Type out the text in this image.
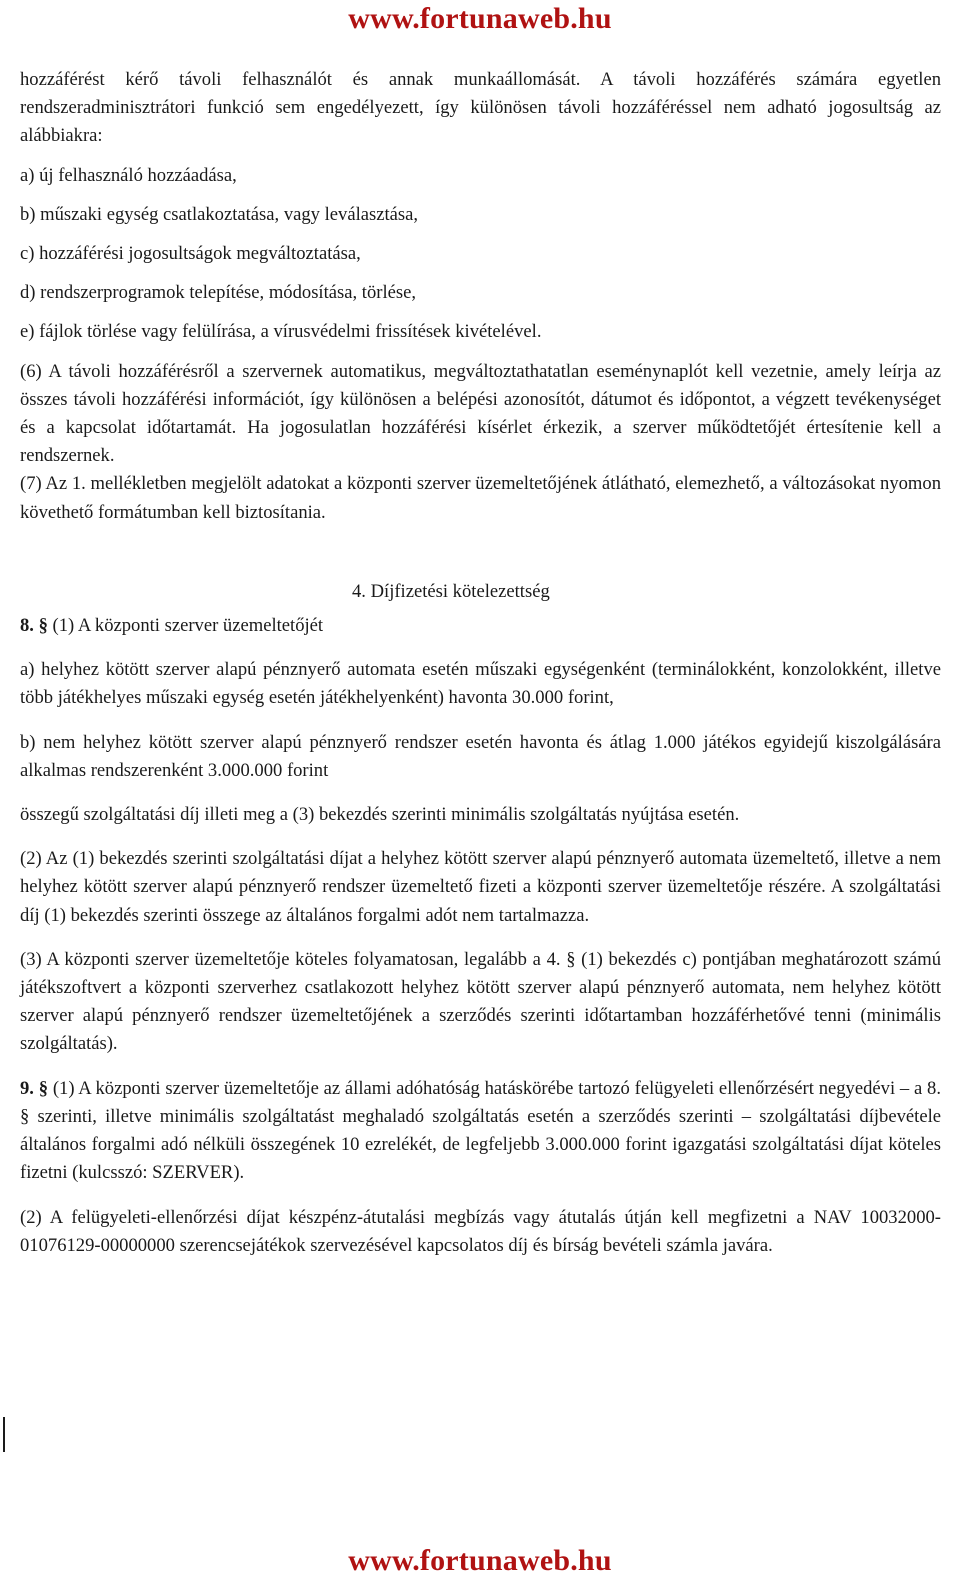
www.fortunaweb.hu

hozzáférést kérő távoli felhasználót és annak munkaállomását. A távoli hozzáférés számára egyetlen rendszeradminisztrátori funkció sem engedélyezett, így különösen távoli hozzáféréssel nem adható jogosultság az alábbiakra:

a) új felhasználó hozzáadása,

b) műszaki egység csatlakoztatása, vagy leválasztása,

c) hozzáférési jogosultságok megváltoztatása,

d) rendszerprogramok telepítése, módosítása, törlése,

e) fájlok törlése vagy felülírása, a vírusvédelmi frissítések kivételével.

(6) A távoli hozzáférésről a szervernek automatikus, megváltoztathatatlan eseménynaplót kell vezetnie, amely leírja az összes távoli hozzáférési információt, így különösen a belépési azonosítót, dátumot és időpontot, a végzett tevékenységet és a kapcsolat időtartamát. Ha jogosulatlan hozzáférési kísérlet érkezik, a szerver működtetőjét értesítenie kell a rendszernek.

(7) Az 1. mellékletben megjelölt adatokat a központi szerver üzemeltetőjének átlátható, elemezhető, a változásokat nyomon követhető formátumban kell biztosítania.

4. Díjfizetési kötelezettség

8. § (1) A központi szerver üzemeltetőjét

a) helyhez kötött szerver alapú pénznyerő automata esetén műszaki egységenként (terminálokként, konzolokként, illetve több játékhelyes műszaki egység esetén játékhelyenként) havonta 30.000 forint,

b) nem helyhez kötött szerver alapú pénznyerő rendszer esetén havonta és átlag 1.000 játékos egyidejű kiszolgálására alkalmas rendszerenként 3.000.000 forint

összegű szolgáltatási díj illeti meg a (3) bekezdés szerinti minimális szolgáltatás nyújtása esetén.

(2) Az (1) bekezdés szerinti szolgáltatási díjat a helyhez kötött szerver alapú pénznyerő automata üzemeltető, illetve a nem helyhez kötött szerver alapú pénznyerő rendszer üzemeltető fizeti a központi szerver üzemeltetője részére. A szolgáltatási díj (1) bekezdés szerinti összege az általános forgalmi adót nem tartalmazza.

(3) A központi szerver üzemeltetője köteles folyamatosan, legalább a 4. § (1) bekezdés c) pontjában meghatározott számú játékszoftvert a központi szerverhez csatlakozott helyhez kötött szerver alapú pénznyerő automata, nem helyhez kötött szerver alapú pénznyerő rendszer üzemeltetőjének a szerződés szerinti időtartamban hozzáférhetővé tenni (minimális szolgáltatás).

9. § (1) A központi szerver üzemeltetője az állami adóhatóság hatáskörébe tartozó felügyeleti ellenőrzésért negyedévi – a 8. § szerinti, illetve minimális szolgáltatást meghaladó szolgáltatás esetén a szerződés szerinti – szolgáltatási díjbevétele általános forgalmi adó nélküli összegének 10 ezrelékét, de legfeljebb 3.000.000 forint igazgatási szolgáltatási díjat köteles fizetni (kulcsszó: SZERVER).

(2) A felügyeleti-ellenőrzési díjat készpénz-átutalási megbízás vagy átutalás útján kell megfizetni a NAV 10032000-01076129-00000000 szerencsejátékok szervezésével kapcsolatos díj és bírság bevételi számla javára.

www.fortunaweb.hu
